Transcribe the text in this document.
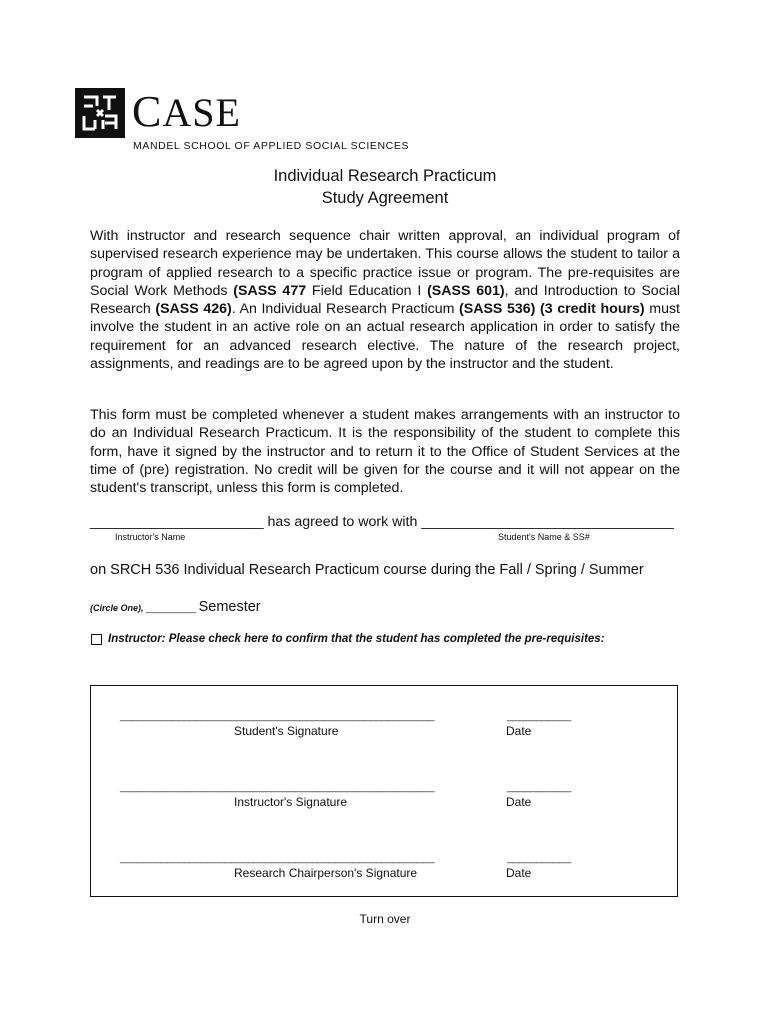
CASE
MANDEL SCHOOL OF APPLIED SOCIAL SCIENCES
Individual Research Practicum
Study Agreement
With instructor and research sequence chair written approval, an individual program of supervised research experience may be undertaken. This course allows the student to tailor a program of applied research to a specific practice issue or program. The pre-requisites are Social Work Methods (SASS 477 Field Education I (SASS 601), and Introduction to Social Research (SASS 426). An Individual Research Practicum (SASS 536) (3 credit hours) must involve the student in an active role on an actual research application in order to satisfy the requirement for an advanced research elective. The nature of the research project, assignments, and readings are to be agreed upon by the instructor and the student.
This form must be completed whenever a student makes arrangements with an instructor to do an Individual Research Practicum. It is the responsibility of the student to complete this form, have it signed by the instructor and to return it to the Office of Student Services at the time of (pre) registration. No credit will be given for the course and it will not appear on the student's transcript, unless this form is completed.
______________________ has agreed to work with ________________________________
Instructor's Name	Student's Name & SS#
on SRCH 536 Individual Research Practicum course during the Fall / Spring / Summer
(Circle One), __________ Semester
Instructor: Please check here to confirm that the student has completed the pre-requisites:
______________________________________________________	___________
Student's Signature	Date
______________________________________________________	___________
Instructor's Signature	Date
______________________________________________________	___________
Research Chairperson's Signature	Date
Turn over
